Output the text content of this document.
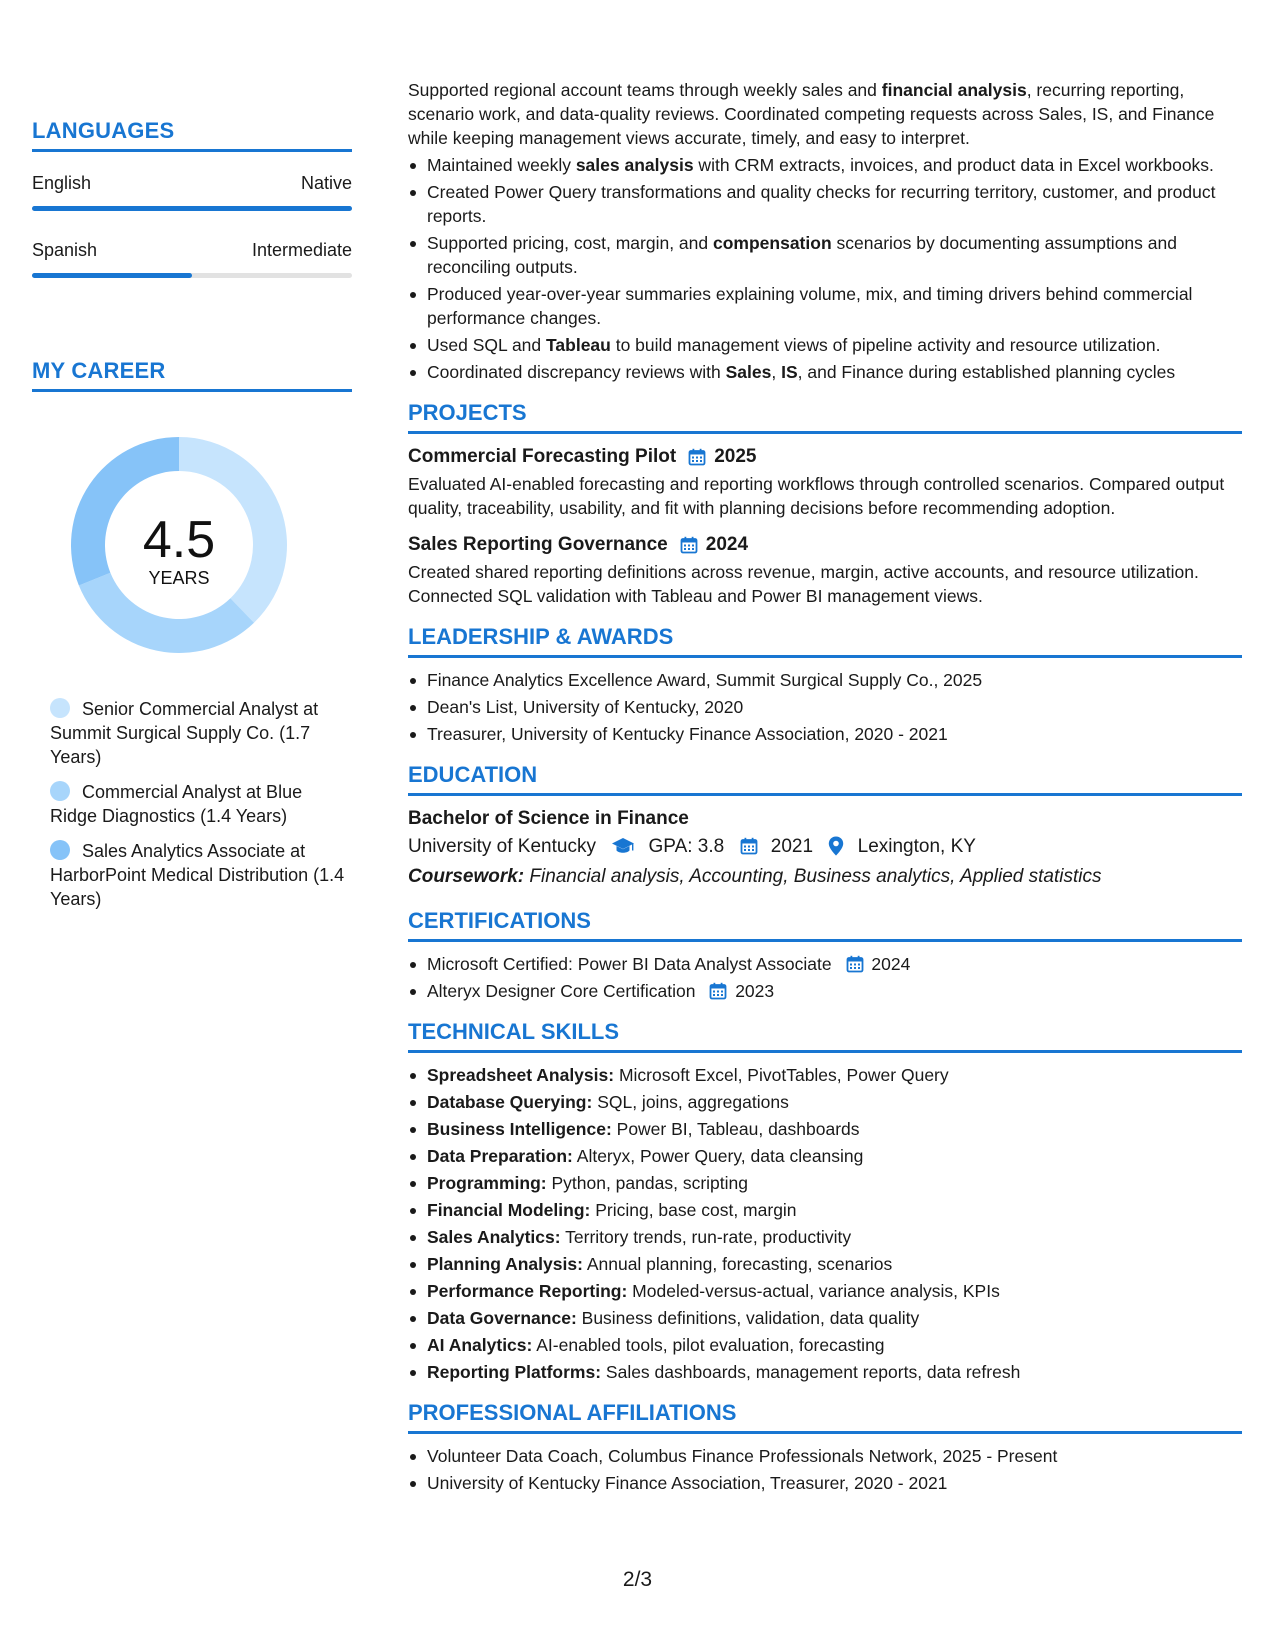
LANGUAGES
English	Native
Spanish	Intermediate
MY CAREER
4.5
YEARS
Senior Commercial Analyst at Summit Surgical Supply Co. (1.7 Years)
Commercial Analyst at Blue Ridge Diagnostics (1.4 Years)
Sales Analytics Associate at HarborPoint Medical Distribution (1.4 Years)

Supported regional account teams through weekly sales and financial analysis, recurring reporting, scenario work, and data-quality reviews. Coordinated competing requests across Sales, IS, and Finance while keeping management views accurate, timely, and easy to interpret.

Maintained weekly sales analysis with CRM extracts, invoices, and product data in Excel workbooks.
Created Power Query transformations and quality checks for recurring territory, customer, and product reports.
Supported pricing, cost, margin, and compensation scenarios by documenting assumptions and reconciling outputs.
Produced year-over-year summaries explaining volume, mix, and timing drivers behind commercial performance changes.
Used SQL and Tableau to build management views of pipeline activity and resource utilization.
Coordinated discrepancy reviews with Sales, IS, and Finance during established planning cycles
PROJECTS
Commercial Forecasting Pilot 2025

Evaluated AI-enabled forecasting and reporting workflows through controlled scenarios. Compared output quality, traceability, usability, and fit with planning decisions before recommending adoption.

Sales Reporting Governance 2024

Created shared reporting definitions across revenue, margin, active accounts, and resource utilization. Connected SQL validation with Tableau and Power BI management views.

LEADERSHIP & AWARDS
Finance Analytics Excellence Award, Summit Surgical Supply Co., 2025
Dean's List, University of Kentucky, 2020
Treasurer, University of Kentucky Finance Association, 2020 - 2021
EDUCATION
Bachelor of Science in Finance
University of Kentucky	GPA: 3.8 2021 Lexington, KY
Coursework: Financial analysis, Accounting, Business analytics, Applied statistics
CERTIFICATIONS
Microsoft Certified: Power BI Data Analyst Associate 2024
Alteryx Designer Core Certification 2023
TECHNICAL SKILLS
Spreadsheet Analysis: Microsoft Excel, PivotTables, Power Query
Database Querying: SQL, joins, aggregations
Business Intelligence: Power BI, Tableau, dashboards
Data Preparation: Alteryx, Power Query, data cleansing
Programming: Python, pandas, scripting
Financial Modeling: Pricing, base cost, margin
Sales Analytics: Territory trends, run-rate, productivity
Planning Analysis: Annual planning, forecasting, scenarios
Performance Reporting: Modeled-versus-actual, variance analysis, KPIs
Data Governance: Business definitions, validation, data quality
AI Analytics: AI-enabled tools, pilot evaluation, forecasting
Reporting Platforms: Sales dashboards, management reports, data refresh
PROFESSIONAL AFFILIATIONS
Volunteer Data Coach, Columbus Finance Professionals Network, 2025 - Present
University of Kentucky Finance Association, Treasurer, 2020 - 2021
2/3
